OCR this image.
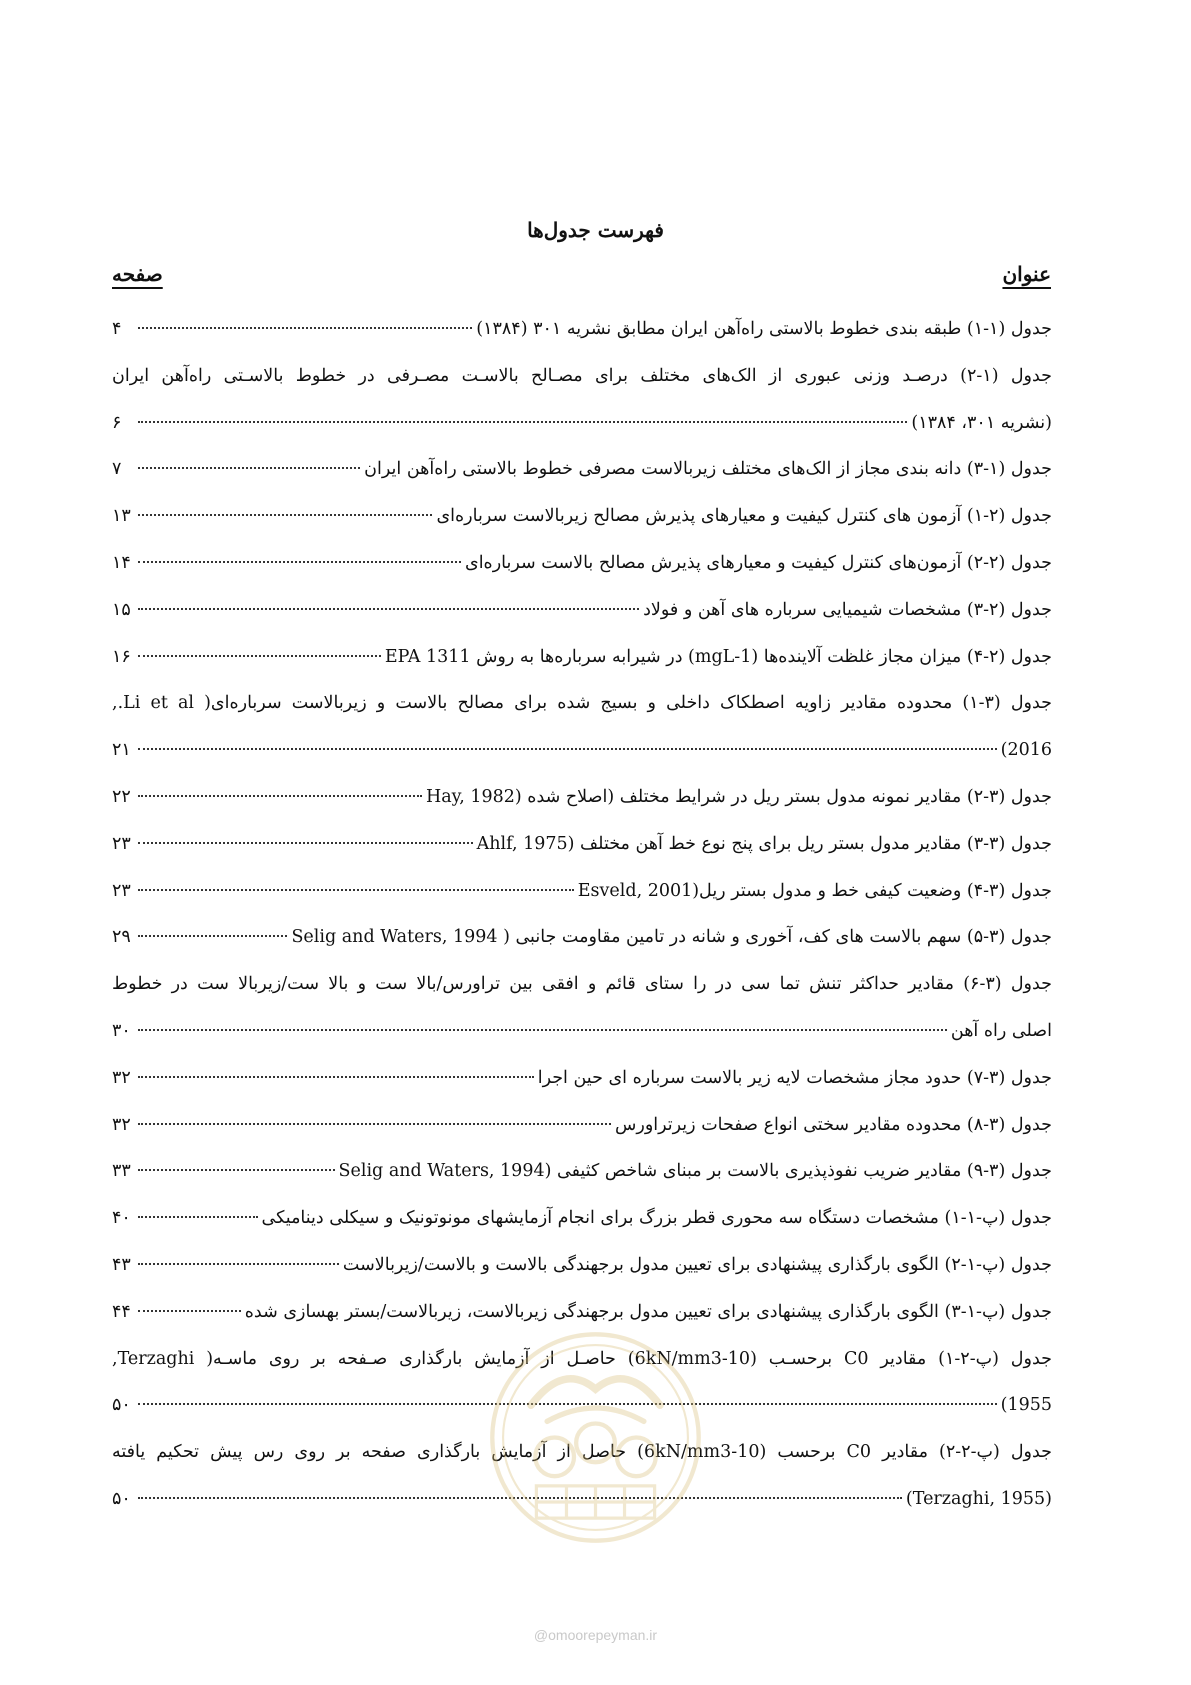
فهرست جدول‌ها
عنوان
صفحه
جدول (۱-۱) طبقه بندی خطوط بالاستی راه‌آهن ایران مطابق نشریه ۳۰۱ (۱۳۸۴)
۴
جدول (۱-۲) درصـد وزنی عبوری از الک‌های مختلف برای مصـالح بالاسـت مصـرفی در خطوط بالاسـتی راه‌آهن ایران
(نشریه ۳۰۱، ۱۳۸۴)
۶
جدول (۱-۳) دانه بندی مجاز از الک‌های مختلف زیربالاست مصرفی خطوط بالاستی راه‌آهن ایران
۷
جدول (۲-۱) آزمون های کنترل کیفیت و معیارهای پذیرش مصالح زیربالاست سرباره‌ای
۱۳
جدول (۲-۲) آزمون‌های کنترل کیفیت و معیارهای پذیرش مصالح بالاست سرباره‌ای
۱۴
جدول (۲-۳) مشخصات شیمیایی سرباره های آهن و فولاد
۱۵
جدول (۲-۴) میزان مجاز غلظت آلاینده‌ها (mgL-1) در شیرابه سرباره‌ها به روش EPA 1311
۱۶
جدول (۳-۱) محدوده مقادیر زاویه اصطکاک داخلی و بسیج شده برای مصالح بالاست و زیربالاست سرباره‌ای( Li et al.,
2016)
۲۱
جدول (۳-۲) مقادیر نمونه مدول بستر ریل در شرایط مختلف (اصلاح شده (Hay, 1982
۲۲
جدول (۳-۳) مقادیر مدول بستر ریل برای پنج نوع خط آهن مختلف (Ahlf, 1975
۲۳
جدول (۳-۴) وضعیت کیفی خط و مدول بستر ریل(Esveld, 2001
۲۳
جدول (۳-۵) سهم بالاست های کف، آخوری و شانه در تامین مقاومت جانبی ( Selig and Waters, 1994
۲۹
جدول (۳-۶) مقادیر حداکثر تنش تما سی در را ستای قائم و افقی بین تراورس/بالا ست و بالا ست/زیربالا ست در خطوط
اصلی راه آهن
۳۰
جدول (۳-۷) حدود مجاز مشخصات لایه زیر بالاست سرباره ای حین اجرا
۳۲
جدول (۳-۸) محدوده مقادیر سختی انواع صفحات زیرتراورس
۳۲
جدول (۳-۹) مقادیر ضریب نفوذپذیری بالاست بر مبنای شاخص کثیفی (Selig and Waters, 1994
۳۳
جدول (پ-۱-۱) مشخصات دستگاه سه محوری قطر بزرگ برای انجام آزمایشهای مونوتونیک و سیکلی دینامیکی
۴۰
جدول (پ-۱-۲) الگوی بارگذاری پیشنهادی برای تعیین مدول برجهندگی بالاست و بالاست/زیربالاست
۴۳
جدول (پ-۱-۳) الگوی بارگذاری پیشنهادی برای تعیین مدول برجهندگی زیربالاست، زیربالاست/بستر بهسازی شده
۴۴
جدول (پ-۲-۱) مقادیر C0 برحسـب (10-6kN/mm3) حاصـل از آزمایش بارگذاری صـفحه بر روی ماسـه( Terzaghi,
1955)
۵۰
جدول (پ-۲-۲) مقادیر C0 برحسب (10-6kN/mm3) حاصل از آزمایش بارگذاری صفحه بر روی رس پیش تحکیم یافته
(Terzaghi, 1955)
۵۰
@omoorepeyman.ir
